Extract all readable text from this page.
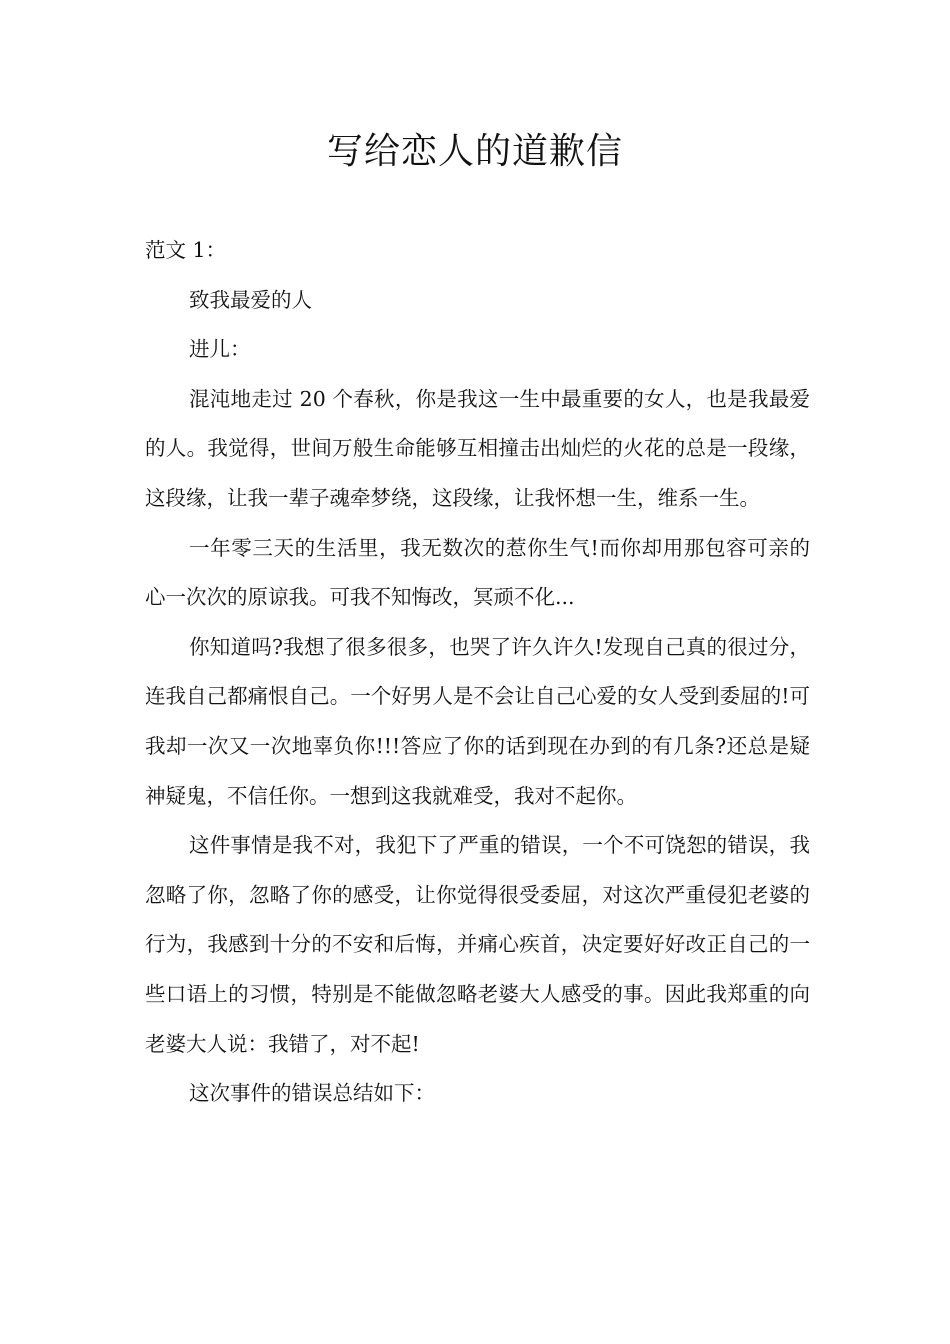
写给恋人的道歉信

范文 1：

致我最爱的人

进儿：

混沌地走过 20 个春秋，你是我这一生中最重要的女人，也是我最爱的人。我觉得，世间万般生命能够互相撞击出灿烂的火花的总是一段缘，这段缘，让我一辈子魂牵梦绕，这段缘，让我怀想一生，维系一生。

一年零三天的生活里，我无数次的惹你生气!而你却用那包容可亲的心一次次的原谅我。可我不知悔改，冥顽不化...

你知道吗?我想了很多很多，也哭了许久许久!发现自己真的很过分，连我自己都痛恨自己。一个好男人是不会让自己心爱的女人受到委屈的!可我却一次又一次地辜负你!!!答应了你的话到现在办到的有几条?还总是疑神疑鬼，不信任你。一想到这我就难受，我对不起你。

这件事情是我不对，我犯下了严重的错误，一个不可饶恕的错误，我忽略了你，忽略了你的感受，让你觉得很受委屈，对这次严重侵犯老婆的行为，我感到十分的不安和后悔，并痛心疾首，决定要好好改正自己的一些口语上的习惯，特别是不能做忽略老婆大人感受的事。因此我郑重的向老婆大人说：我错了，对不起!

这次事件的错误总结如下：
